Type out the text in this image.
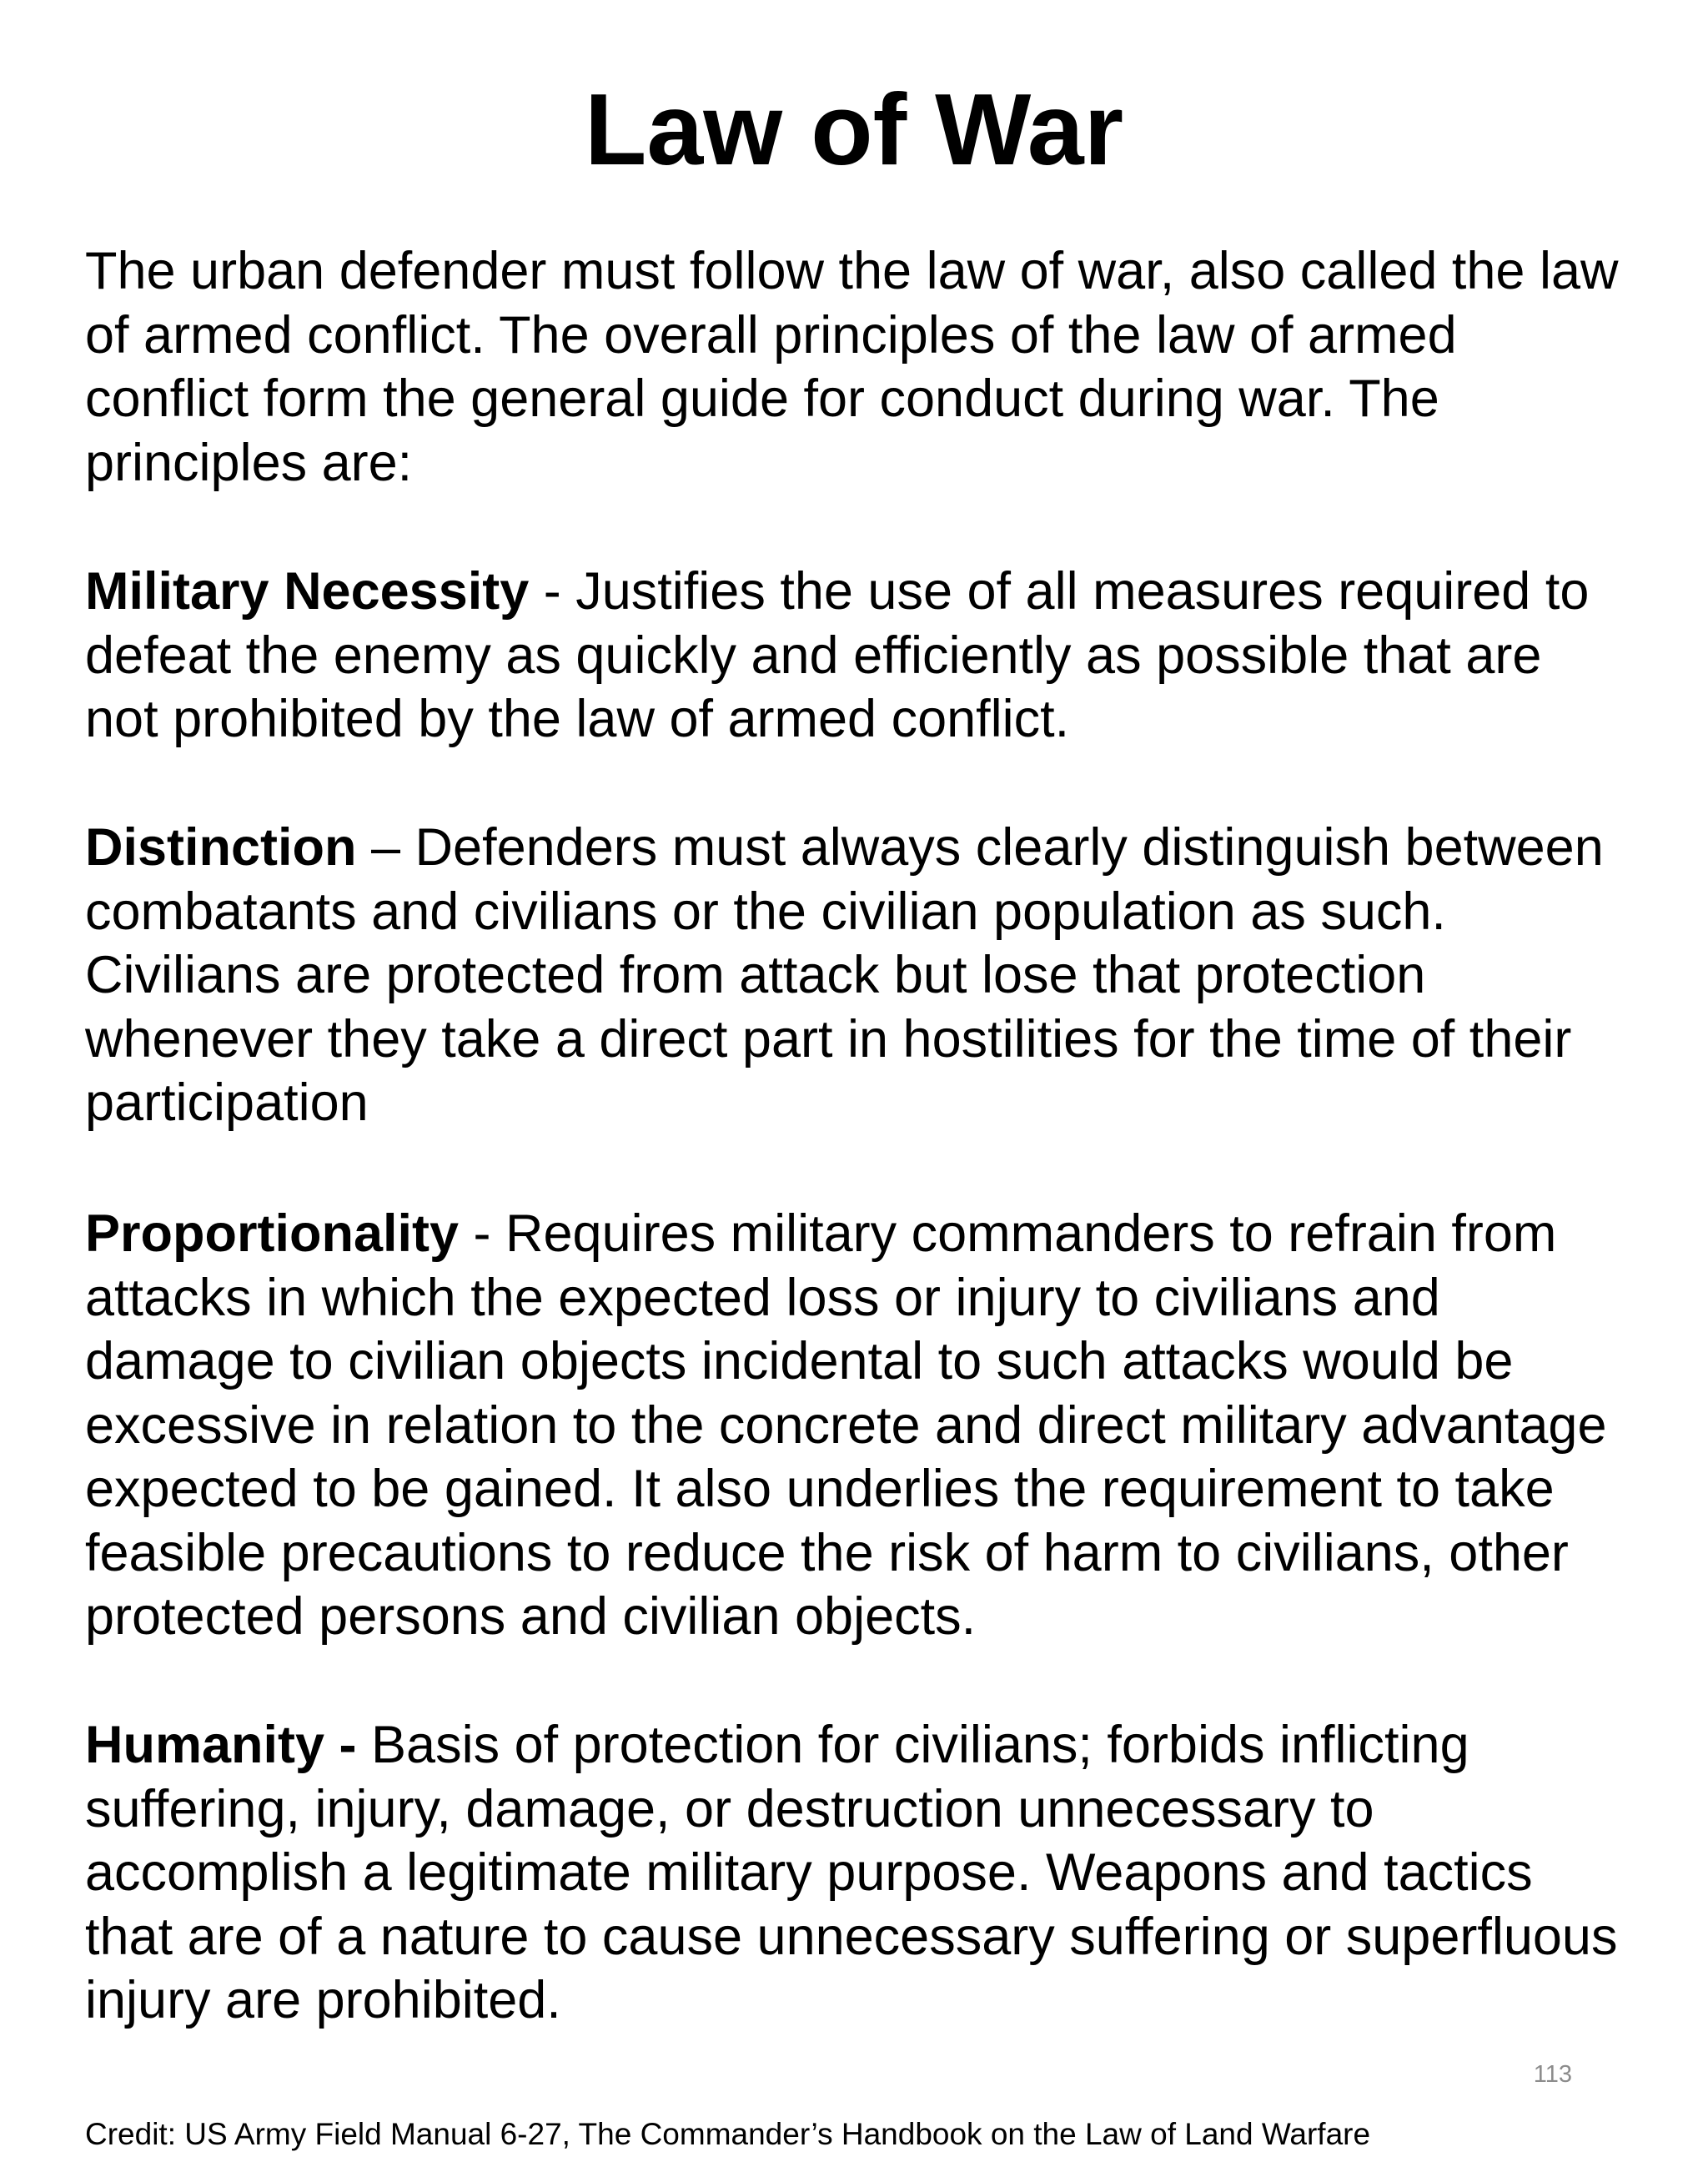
Law of War
The urban defender must follow the law of war, also called the law
of armed conflict. The overall principles of the law of armed
conflict form the general guide for conduct during war. The
principles are:
Military Necessity - Justifies the use of all measures required to
defeat the enemy as quickly and efficiently as possible that are
not prohibited by the law of armed conflict.
Distinction – Defenders must always clearly distinguish between
combatants and civilians or the civilian population as such.
Civilians are protected from attack but lose that protection
whenever they take a direct part in hostilities for the time of their
participation
Proportionality - Requires military commanders to refrain from
attacks in which the expected loss or injury to civilians and
damage to civilian objects incidental to such attacks would be
excessive in relation to the concrete and direct military advantage
expected to be gained. It also underlies the requirement to take
feasible precautions to reduce the risk of harm to civilians, other
protected persons and civilian objects.
Humanity - Basis of protection for civilians; forbids inflicting
suffering, injury, damage, or destruction unnecessary to
accomplish a legitimate military purpose. Weapons and tactics
that are of a nature to cause unnecessary suffering or superfluous
injury are prohibited.
113
Credit: US Army Field Manual 6-27, The Commander’s Handbook on the Law of Land Warfare
